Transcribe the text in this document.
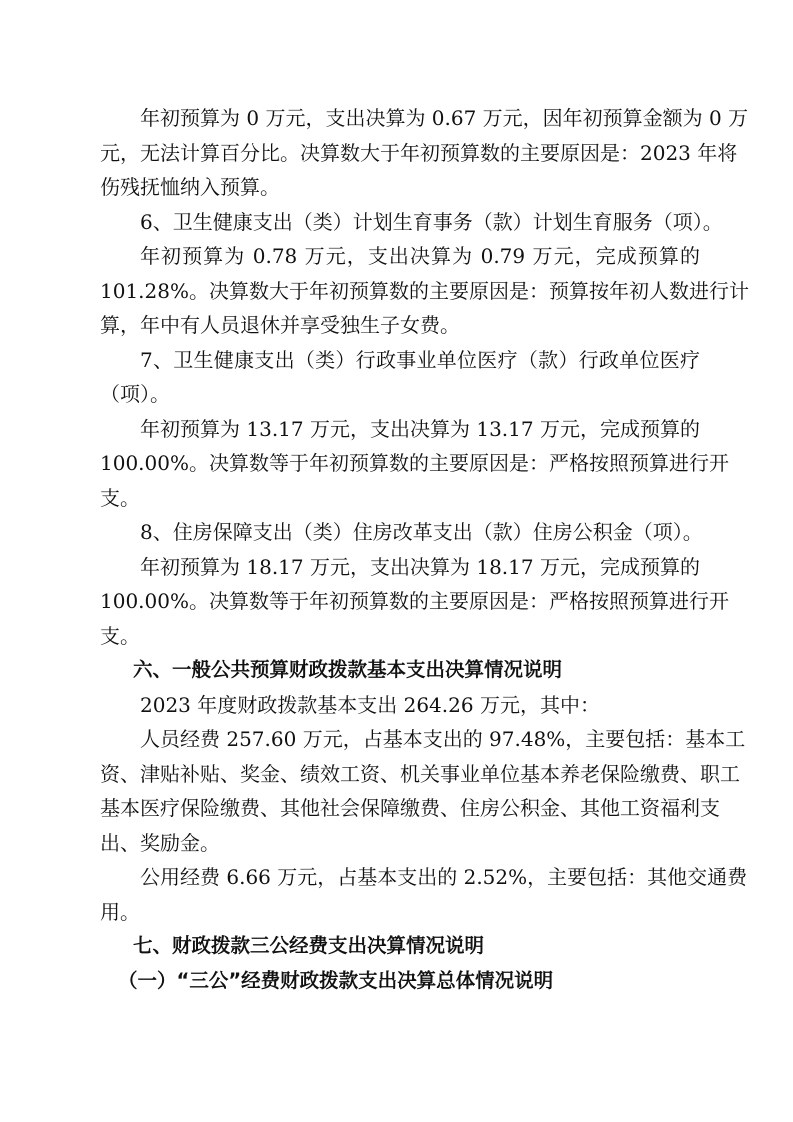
年初预算为 0 万元，支出决算为 0.67 万元，因年初预算金额为 0 万
元，无法计算百分比。决算数大于年初预算数的主要原因是：2023 年将
伤残抚恤纳入预算。
6、卫生健康支出（类）计划生育事务（款）计划生育服务（项）。
年初预算为 0.78 万元，支出决算为 0.79 万元，完成预算的
101.28%。决算数大于年初预算数的主要原因是：预算按年初人数进行计
算，年中有人员退休并享受独生子女费。
7、卫生健康支出（类）行政事业单位医疗（款）行政单位医疗
（项）。
年初预算为 13.17 万元，支出决算为 13.17 万元，完成预算的
100.00%。决算数等于年初预算数的主要原因是：严格按照预算进行开
支。
8、住房保障支出（类）住房改革支出（款）住房公积金（项）。
年初预算为 18.17 万元，支出决算为 18.17 万元，完成预算的
100.00%。决算数等于年初预算数的主要原因是：严格按照预算进行开
支。
六、一般公共预算财政拨款基本支出决算情况说明
2023 年度财政拨款基本支出 264.26 万元，其中：
人员经费 257.60 万元，占基本支出的 97.48%，主要包括：基本工
资、津贴补贴、奖金、绩效工资、机关事业单位基本养老保险缴费、职工
基本医疗保险缴费、其他社会保障缴费、住房公积金、其他工资福利支
出、奖励金。
公用经费 6.66 万元，占基本支出的 2.52%，主要包括：其他交通费
用。
七、财政拨款三公经费支出决算情况说明
（一）“三公”经费财政拨款支出决算总体情况说明
